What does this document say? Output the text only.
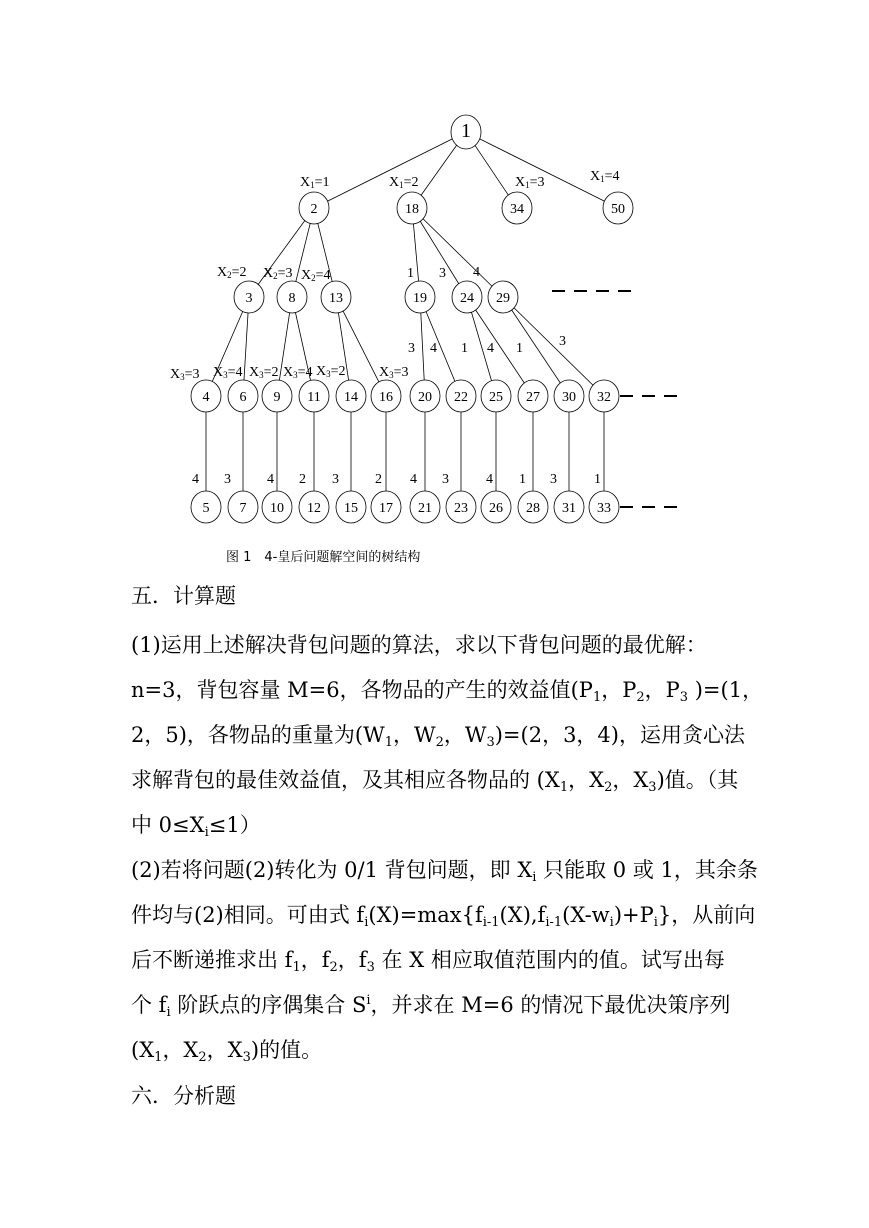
1
2	18	34	50
3	8 13	19 24 29
4 6 9 11 14 16 20 22 25 27 30 32
5 7 10 12 15 17 21 23 26 28 31 33
X1=1	X1=2	X1=3	X1=4
X2=2 X2=3 X2=4	1 3 4
X3=3 X3=4 X3=2 X3=4 X3=2 X3=3
3 4 1 4 1	3
4 3	4 2 3	2 4 3	4 1 3	1
图 1　4-皇后问题解空间的树结构
五．计算题
(1)运用上述解决背包问题的算法，求以下背包问题的最优解：
n=3，背包容量 M=6，各物品的产生的效益值($P_1$，$P_2$，$P_3$ )=(1，
2，5)，各物品的重量为($W_1$，$W_2$，$W_3)=(2$，3，4)，运用贪心法
求解背包的最佳效益值，及其相应各物品的 ($X_1$，$X_2$，$X_3$)值。（其
中 $0\le X_i\le 1$）
(2)若将问题(2)转化为 0/1 背包问题，即 $X_i$ 只能取 0 或 1，其余条
件均与(2)相同。可由式 $f_i(X)=\max\{f_{i-1}(X),f_{i-1}(X-w_i)+P_i\}$，从前向
后不断递推求出 $f_1$，$f_2$，$f_3$ 在 X 相应取值范围内的值。试写出每
个 $f_i$ 阶跃点的序偶集合 $S^i$，并求在 M=6 的情况下最优决策序列
($X_1$，$X_2$，$X_3$)的值。
六．分析题
